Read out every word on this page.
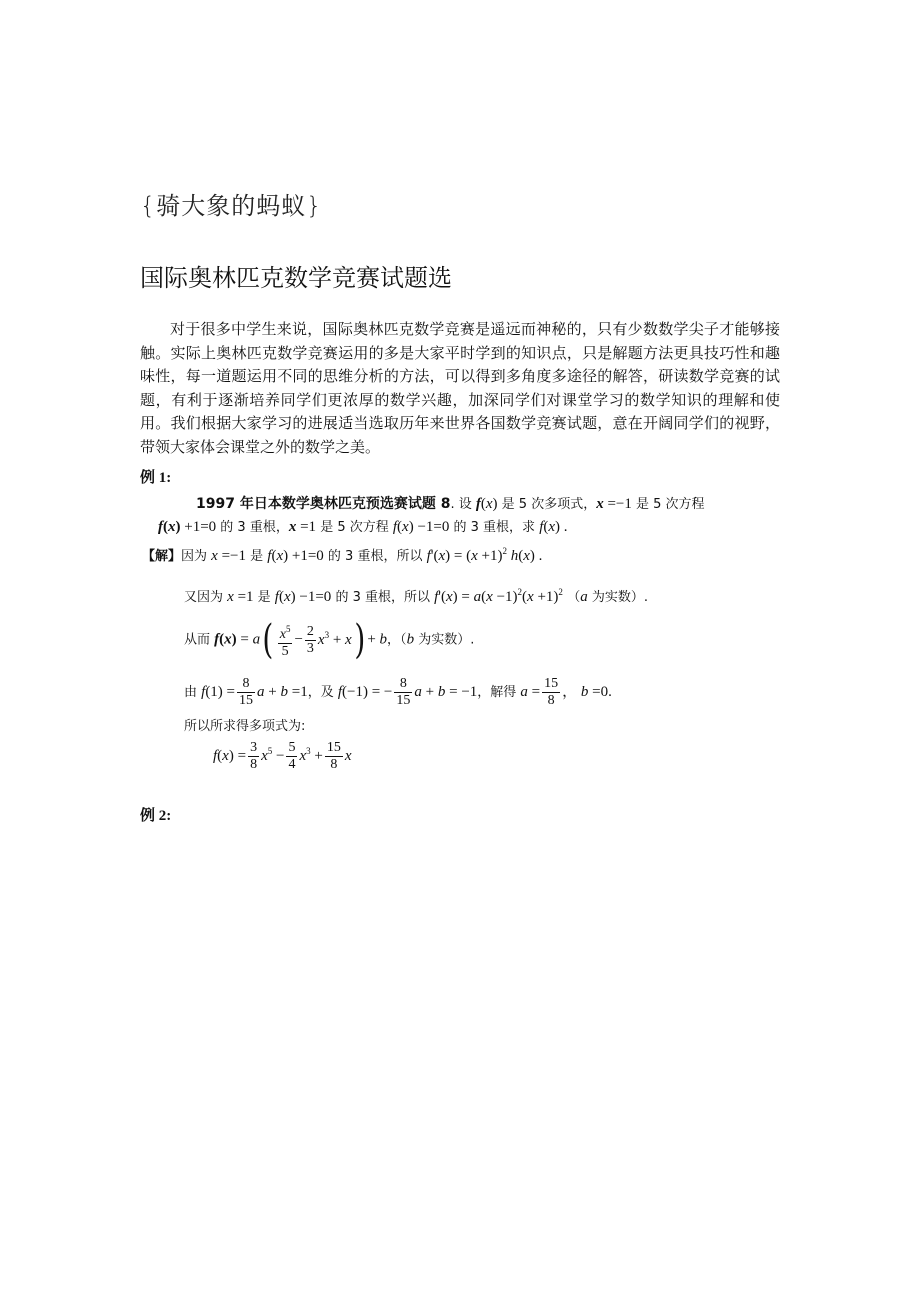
{骑大象的蚂蚁}
国际奥林匹克数学竞赛试题选
对于很多中学生来说，国际奥林匹克数学竞赛是遥远而神秘的，只有少数数学尖子才能够接触。实际上奥林匹克数学竞赛运用的多是大家平时学到的知识点，只是解题方法更具技巧性和趣味性，每一道题运用不同的思维分析的方法，可以得到多角度多途径的解答，研读数学竞赛的试题，有利于逐渐培养同学们更浓厚的数学兴趣，加深同学们对课堂学习的数学知识的理解和使用。我们根据大家学习的进展适当选取历年来世界各国数学竞赛试题，意在开阔同学们的视野，带领大家体会课堂之外的数学之美。
例 1:
1997 年日本数学奥林匹克预选赛试题 8. 设 f(x) 是 5 次多项式，x =−1 是 5 次方程
f(x) +1=0 的 3 重根，x =1 是 5 次方程 f(x) −1=0 的 3 重根，求 f(x) .
【解】因为 x =−1 是 f(x) +1=0 的 3 重根，所以 $f'(x) = (x +1)^2$ h(x) .
又因为 x =1 是 f(x) −1=0 的 3 重根，所以 $f'(x) = a(x -1)^2(x +1)^2$ （a 为实数）.
从而 $f(x) = a( \frac{x^5}{5} - \frac{2}{3} x^3 + x) + b$，（b 为实数）.
由 $f(1) = \frac{8}{15}$ a + b =1，及 f(−1) = − $\frac{8}{15}$ a + b = −1，解得 $a = \frac{15}{8}$ ， b =0.
所以所求得多项式为:
$f(x) = \frac{3}{8} x^5 - \frac{5}{4} x^3 + \frac{15}{8}$ x
例 2:
